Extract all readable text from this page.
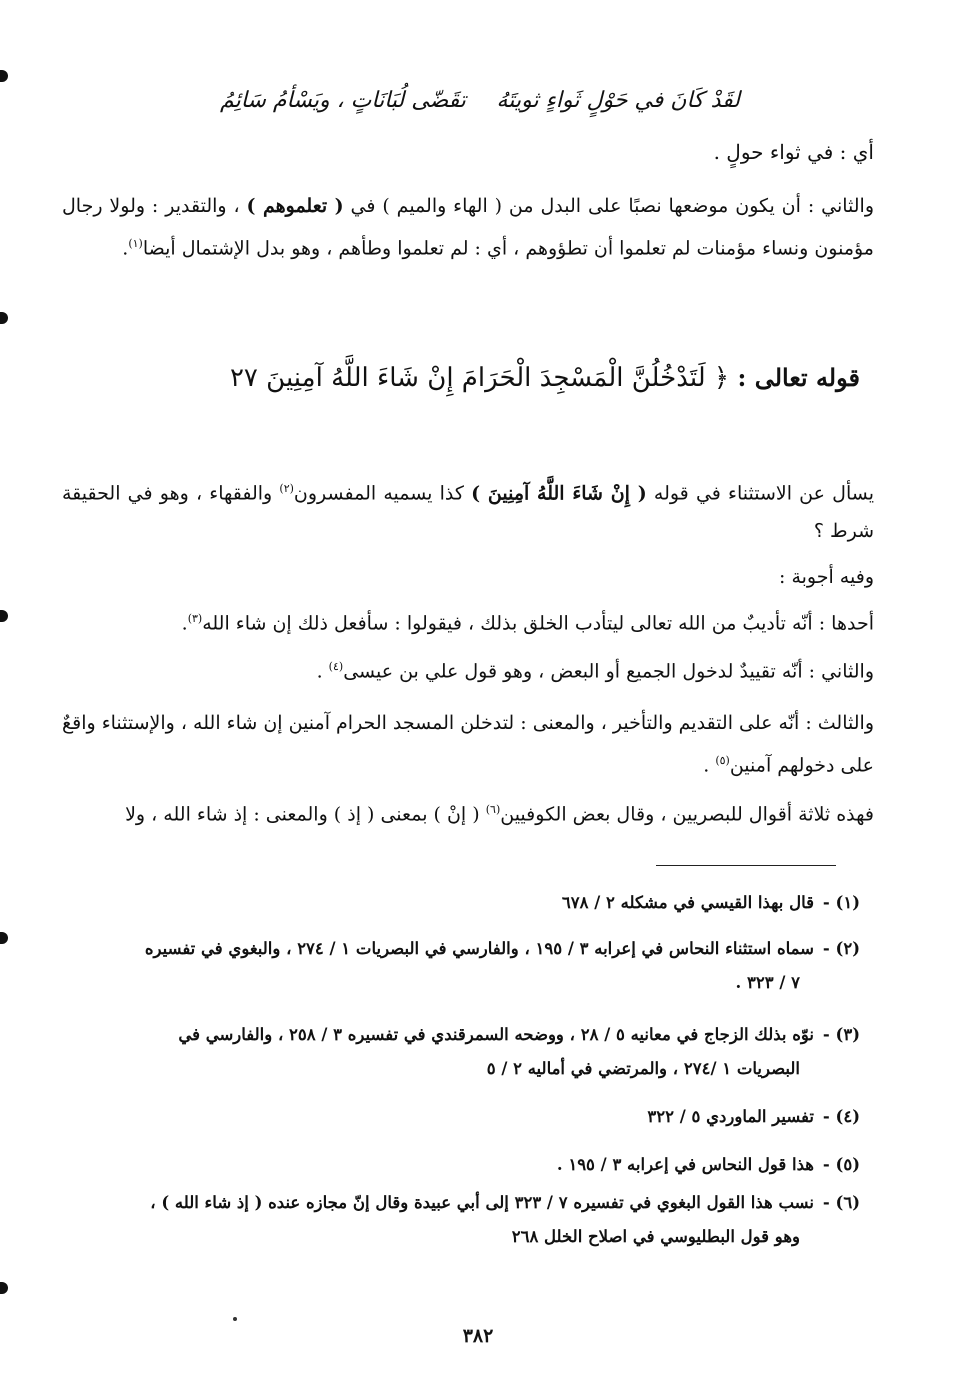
لقَدْ كَانَ في حَوْلٍ ثَواءٍ ثويتَهُ
تقَضّى لُبَانَاتٍ ، ويَسْأمُ سَائِمُ
أي : في ثواء حولٍ .
والثاني : أن يكون موضعها نصبًا على البدل من ( الهاء والميم ) في ( تعلموهم ) ، والتقدير : ولولا رجال مؤمنون ونساء مؤمنات لم تعلموا أن تطؤوهم ، أي : لم تعلموا وطأهم ، وهو بدل الإشتمال أيضا$^{(١)}$.
قوله تعالى : ﴿ لَتَدْخُلُنَّ الْمَسْجِدَ الْحَرَامَ إِنْ شَاءَ اللَّهُ آمِنِينَ ٢٧
يسأل عن الاستثناء في قوله ( إِنْ شَاءَ اللَّهُ آمِنِينَ ) كذا يسميه المفسرون$^{(٢)}$ والفقهاء ، وهو في الحقيقة شرط ؟
وفيه أجوبة :
أحدها : أنّه تأديبٌ من الله تعالى ليتأدب الخلق بذلك ، فيقولوا : سأفعل ذلك إن شاء الله$^{(٣)}$.
والثاني : أنّه تقييدٌ لدخول الجميع أو البعض ، وهو قول علي بن عيسى$^{(٤)}$ .
والثالث : أنّه على التقديم والتأخير ، والمعنى : لتدخلن المسجد الحرام آمنين إن شاء الله ، والإستثناء واقعٌ على دخولهم آمنين$^{(٥)}$ .
فهذه ثلاثة أقوال للبصريين ، وقال بعض الكوفيين$^{(٦)}$ ( إنْ ) بمعنى ( إذ ) والمعنى : إذ شاء الله ، ولا
(١) -قال بهذا القيسي في مشكله ٢ / ٦٧٨
(٢) -سماه استثناء النحاس في إعرابه ٣ / ١٩٥ ، والفارسي في البصريات ١ / ٢٧٤ ، والبغوي في تفسيره
٧ / ٣٢٣ .
(٣) -نوّه بذلك الزجاج في معانيه ٥ / ٢٨ ، ووضحه السمرقندي في تفسيره ٣ / ٢٥٨ ، والفارسي في
البصريات ١ /٢٧٤ ، والمرتضي في أماليه ٢ / ٥
(٤) -تفسير الماوردي ٥ / ٣٢٢
(٥) -هذا قول النحاس في إعرابه ٣ / ١٩٥ .
(٦) -نسب هذا القول البغوي في تفسيره ٧ / ٣٢٣ إلى أبي عبيدة وقال إنّ مجازه عنده ( إذ شاء الله ) ،
وهو قول البطليوسي في اصلاح الخلل ٢٦٨
٣٨٢
